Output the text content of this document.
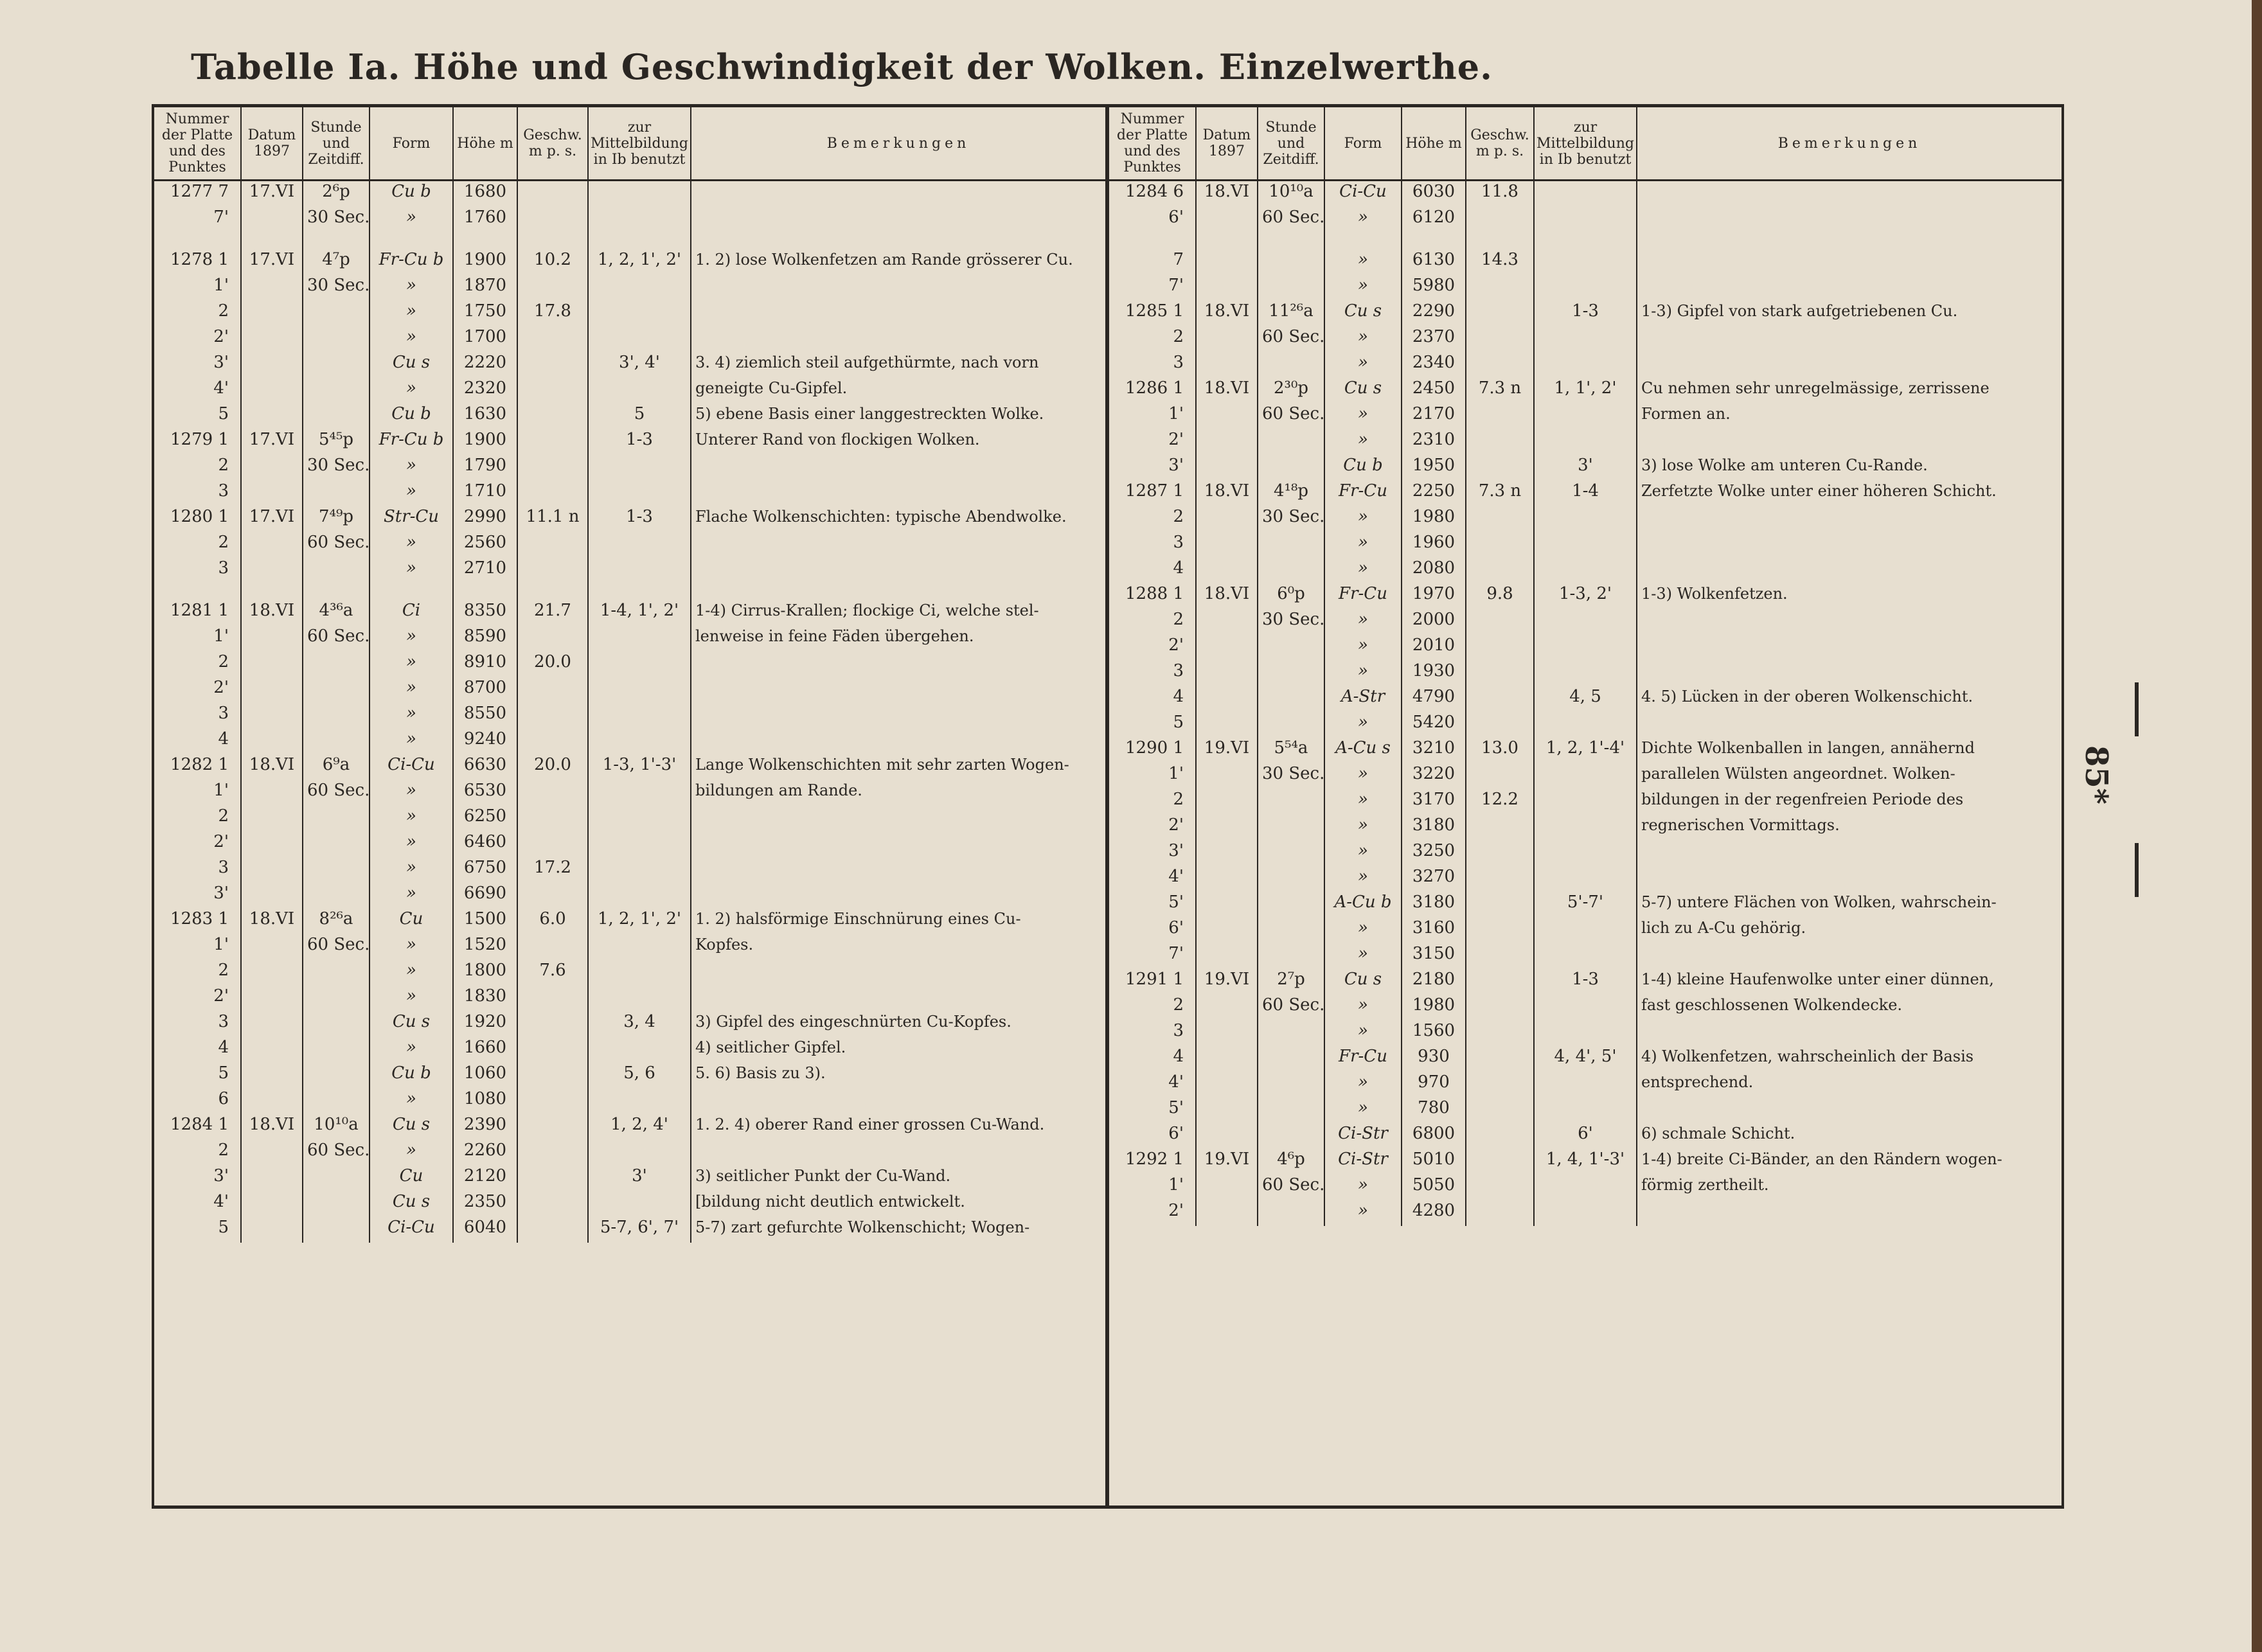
Tabelle Ia. Höhe und Geschwindigkeit der Wolken. Einzelwerthe.
Nummer der Platte und des Punktes	Datum 1897	Stunde und Zeitdiff.	Form	Höhe m	Geschw. m p. s.	zur Mittelbildung in Ib benutzt	Bemerkungen
1277 7	17.VI	2⁶p	Cu b	1680			
7'		30 Sec.	»	1760			

1278 1	17.VI	4⁷p	Fr-Cu b	1900	10.2	1, 2, 1', 2'	1. 2) lose Wolkenfetzen am Rande grösserer Cu.
1'		30 Sec.	»	1870			
2			»	1750	17.8		
2'			»	1700			
3'			Cu s	2220		3', 4'	3. 4) ziemlich steil aufgethürmte, nach vorn
4'			»	2320			geneigte Cu-Gipfel.
5			Cu b	1630		5	5) ebene Basis einer langgestreckten Wolke.
1279 1	17.VI	5⁴⁵p	Fr-Cu b	1900		1-3	Unterer Rand von flockigen Wolken.
2		30 Sec.	»	1790			
3			»	1710			
1280 1	17.VI	7⁴⁹p	Str-Cu	2990	11.1 n	1-3	Flache Wolkenschichten: typische Abendwolke.
2		60 Sec.	»	2560			
3			»	2710			

1281 1	18.VI	4³⁶a	Ci	8350	21.7	1-4, 1', 2'	1-4) Cirrus-Krallen; flockige Ci, welche stel-
1'		60 Sec.	»	8590			lenweise in feine Fäden übergehen.
2			»	8910	20.0		
2'			»	8700			
3			»	8550			
4			»	9240			
1282 1	18.VI	6⁹a	Ci-Cu	6630	20.0	1-3, 1'-3'	Lange Wolkenschichten mit sehr zarten Wogen-
1'		60 Sec.	»	6530			bildungen am Rande.
2			»	6250			
2'			»	6460			
3			»	6750	17.2		
3'			»	6690			
1283 1	18.VI	8²⁶a	Cu	1500	6.0	1, 2, 1', 2'	1. 2) halsförmige Einschnürung eines Cu-
1'		60 Sec.	»	1520			Kopfes.
2			»	1800	7.6		
2'			»	1830			
3			Cu s	1920		3, 4	3) Gipfel des eingeschnürten Cu-Kopfes.
4			»	1660			4) seitlicher Gipfel.
5			Cu b	1060		5, 6	5. 6) Basis zu 3).
6			»	1080			
1284 1	18.VI	10¹⁰a	Cu s	2390		1, 2, 4'	1. 2. 4) oberer Rand einer grossen Cu-Wand.
2		60 Sec.	»	2260			
3'			Cu	2120		3'	3) seitlicher Punkt der Cu-Wand.
4'			Cu s	2350			[bildung nicht deutlich entwickelt.
5			Ci-Cu	6040		5-7, 6', 7'	5-7) zart gefurchte Wolkenschicht; Wogen-
Nummer der Platte und des Punktes	Datum 1897	Stunde und Zeitdiff.	Form	Höhe m	Geschw. m p. s.	zur Mittelbildung in Ib benutzt	Bemerkungen
1284 6	18.VI	10¹⁰a	Ci-Cu	6030	11.8		
6'		60 Sec.	»	6120			

7			»	6130	14.3		
7'			»	5980			
1285 1	18.VI	11²⁶a	Cu s	2290		1-3	1-3) Gipfel von stark aufgetriebenen Cu.
2		60 Sec.	»	2370			
3			»	2340			
1286 1	18.VI	2³⁰p	Cu s	2450	7.3 n	1, 1', 2'	Cu nehmen sehr unregelmässige, zerrissene
1'		60 Sec.	»	2170			Formen an.
2'			»	2310			
3'			Cu b	1950		3'	3) lose Wolke am unteren Cu-Rande.
1287 1	18.VI	4¹⁸p	Fr-Cu	2250	7.3 n	1-4	Zerfetzte Wolke unter einer höheren Schicht.
2		30 Sec.	»	1980			
3			»	1960			
4			»	2080			
1288 1	18.VI	6⁰p	Fr-Cu	1970	9.8	1-3, 2'	1-3) Wolkenfetzen.
2		30 Sec.	»	2000			
2'			»	2010			
3			»	1930			
4			A-Str	4790		4, 5	4. 5) Lücken in der oberen Wolkenschicht.
5			»	5420			
1290 1	19.VI	5⁵⁴a	A-Cu s	3210	13.0	1, 2, 1'-4'	Dichte Wolkenballen in langen, annähernd
1'		30 Sec.	»	3220			parallelen Wülsten angeordnet. Wolken-
2			»	3170	12.2		bildungen in der regenfreien Periode des
2'			»	3180			regnerischen Vormittags.
3'			»	3250			
4'			»	3270			
5'			A-Cu b	3180		5'-7'	5-7) untere Flächen von Wolken, wahrschein-
6'			»	3160			lich zu A-Cu gehörig.
7'			»	3150			
1291 1	19.VI	2⁷p	Cu s	2180		1-3	1-4) kleine Haufenwolke unter einer dünnen,
2		60 Sec.	»	1980			fast geschlossenen Wolkendecke.
3			»	1560			
4			Fr-Cu	930		4, 4', 5'	4) Wolkenfetzen, wahrscheinlich der Basis
4'			»	970			entsprechend.
5'			»	780			
6'			Ci-Str	6800		6'	6) schmale Schicht.
1292 1	19.VI	4⁶p	Ci-Str	5010		1, 4, 1'-3'	1-4) breite Ci-Bänder, an den Rändern wogen-
1'		60 Sec.	»	5050			förmig zertheilt.
2'			»	4280			
85*
